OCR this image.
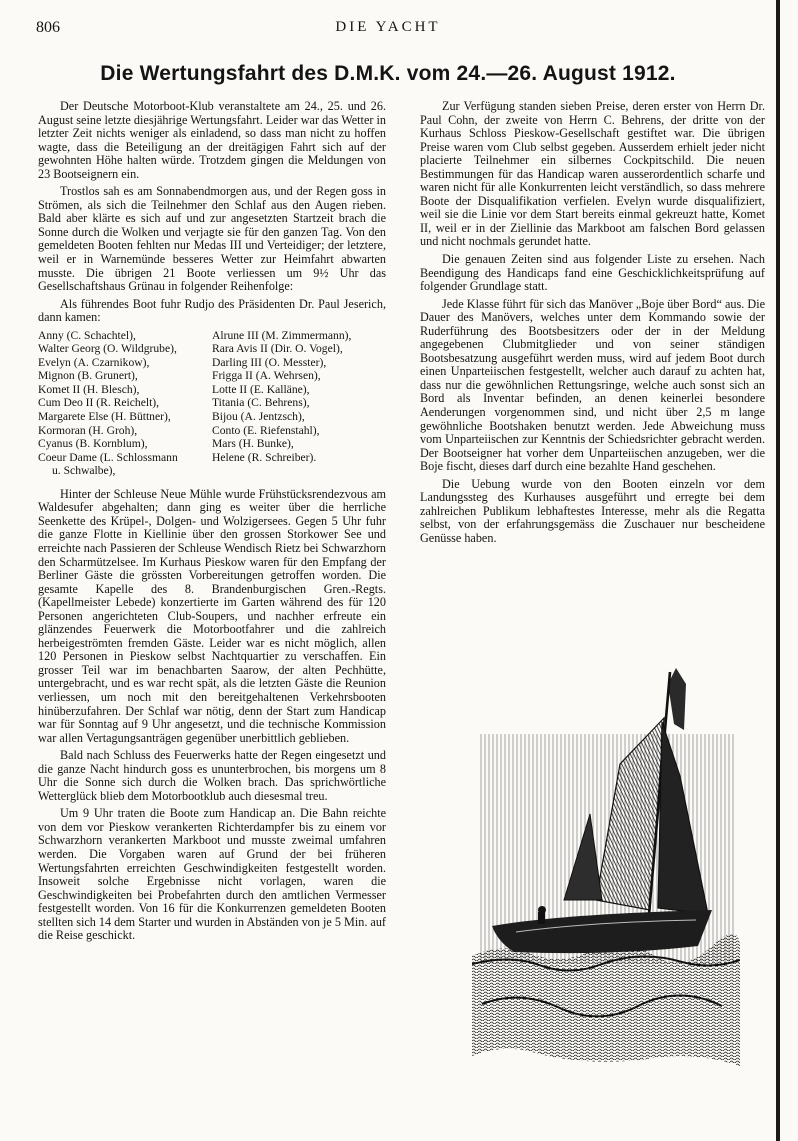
806	DIE YACHT
Die Wertungsfahrt des D.M.K. vom 24.—26. August 1912.

Der Deutsche Motorboot-Klub veranstaltete am 24., 25. und 26. August seine letzte diesjährige Wertungsfahrt. Leider war das Wetter in letzter Zeit nichts weniger als einladend, so dass man nicht zu hoffen wagte, dass die Beteiligung an der dreitägigen Fahrt sich auf der gewohnten Höhe halten würde. Trotzdem gingen die Meldungen von 23 Bootseignern ein.

Trostlos sah es am Sonnabendmorgen aus, und der Regen goss in Strömen, als sich die Teilnehmer den Schlaf aus den Augen rieben. Bald aber klärte es sich auf und zur angesetzten Startzeit brach die Sonne durch die Wolken und verjagte sie für den ganzen Tag. Von den gemeldeten Booten fehlten nur Medas III und Verteidiger; der letztere, weil er in Warnemünde besseres Wetter zur Heimfahrt abwarten musste. Die übrigen 21 Boote verliessen um 9½ Uhr das Gesellschaftshaus Grünau in folgender Reihenfolge:

Als führendes Boot fuhr Rudjo des Präsidenten Dr. Paul Jeserich, dann kamen:

Anny (C. Schachtel),	Alrune III (M. Zimmermann),
Walter Georg (O. Wildgrube),	Rara Avis II (Dir. O. Vogel),
Evelyn (A. Czarnikow),	Darling III (O. Messter),
Mignon (B. Grunert),	Frigga II (A. Wehrsen),
Komet II (H. Blesch),	Lotte II (E. Kalläne),
Cum Deo II (R. Reichelt),	Titania (C. Behrens),
Margarete Else (H. Büttner),	Bijou (A. Jentzsch),
Kormoran (H. Groh),	Conto (E. Riefenstahl),
Cyanus (B. Kornblum),	Mars (H. Bunke),
Coeur Dame (L. Schlossmann	Helene (R. Schreiber).
u. Schwalbe),

Hinter der Schleuse Neue Mühle wurde Frühstücksrendezvous am Waldesufer abgehalten; dann ging es weiter über die herrliche Seenkette des Krüpel-, Dolgen- und Wolzigersees. Gegen 5 Uhr fuhr die ganze Flotte in Kiellinie über den grossen Storkower See und erreichte nach Passieren der Schleuse Wendisch Rietz bei Schwarzhorn den Scharmützelsee. Im Kurhaus Pieskow waren für den Empfang der Berliner Gäste die grössten Vorbereitungen getroffen worden. Die gesamte Kapelle des 8. Brandenburgischen Gren.-Regts. (Kapellmeister Lebede) konzertierte im Garten während des für 120 Personen angerichteten Club-Soupers, und nachher erfreute ein glänzendes Feuerwerk die Motorbootfahrer und die zahlreich herbeigeströmten fremden Gäste. Leider war es nicht möglich, allen 120 Personen in Pieskow selbst Nachtquartier zu verschaffen. Ein grosser Teil war im benachbarten Saarow, der alten Pechhütte, untergebracht, und es war recht spät, als die letzten Gäste die Reunion verliessen, um noch mit den bereitgehaltenen Verkehrsbooten hinüberzufahren. Der Schlaf war nötig, denn der Start zum Handicap war für Sonntag auf 9 Uhr angesetzt, und die technische Kommission war allen Vertagungsanträgen gegenüber unerbittlich geblieben.

Bald nach Schluss des Feuerwerks hatte der Regen eingesetzt und die ganze Nacht hindurch goss es ununterbrochen, bis morgens um 8 Uhr die Sonne sich durch die Wolken brach. Das sprichwörtliche Wetterglück blieb dem Motorbootklub auch diesesmal treu.

Um 9 Uhr traten die Boote zum Handicap an. Die Bahn reichte von dem vor Pieskow verankerten Richterdampfer bis zu einem vor Schwarzhorn verankerten Markboot und musste zweimal umfahren werden. Die Vorgaben waren auf Grund der bei früheren Wertungsfahrten erreichten Geschwindigkeiten festgestellt worden. Insoweit solche Ergebnisse nicht vorlagen, waren die Geschwindigkeiten bei Probefahrten durch den amtlichen Vermesser festgestellt worden. Von 16 für die Konkurrenzen gemeldeten Booten stellten sich 14 dem Starter und wurden in Abständen von je 5 Min. auf die Reise geschickt.

Zur Verfügung standen sieben Preise, deren erster von Herrn Dr. Paul Cohn, der zweite von Herrn C. Behrens, der dritte von der Kurhaus Schloss Pieskow-Gesellschaft gestiftet war. Die übrigen Preise waren vom Club selbst gegeben. Ausserdem erhielt jeder nicht placierte Teilnehmer ein silbernes Cockpitschild. Die neuen Bestimmungen für das Handicap waren ausserordentlich scharfe und waren nicht für alle Konkurrenten leicht verständlich, so dass mehrere Boote der Disqualifikation verfielen. Evelyn wurde disqualifiziert, weil sie die Linie vor dem Start bereits einmal gekreuzt hatte, Komet II, weil er in der Ziellinie das Markboot am falschen Bord gelassen und nicht nochmals gerundet hatte.

Die genauen Zeiten sind aus folgender Liste zu ersehen. Nach Beendigung des Handicaps fand eine Geschicklichkeitsprüfung auf folgender Grundlage statt.

Jede Klasse führt für sich das Manöver „Boje über Bord“ aus. Die Dauer des Manövers, welches unter dem Kommando sowie der Ruderführung des Bootsbesitzers oder der in der Meldung angegebenen Clubmitglieder und von seiner ständigen Bootsbesatzung ausgeführt werden muss, wird auf jedem Boot durch einen Unparteiischen festgestellt, welcher auch darauf zu achten hat, dass nur die gewöhnlichen Rettungsringe, welche auch sonst sich an Bord als Inventar befinden, an denen keinerlei besondere Aenderungen vorgenommen sind, und nicht über 2,5 m lange gewöhnliche Bootshaken benutzt werden. Jede Abweichung muss vom Unparteiischen zur Kenntnis der Schiedsrichter gebracht werden. Der Bootseigner hat vorher dem Unparteiischen anzugeben, wer die Boje fischt, dieses darf durch eine bezahlte Hand geschehen.

Die Uebung wurde von den Booten einzeln vor dem Landungssteg des Kurhauses ausgeführt und erregte bei dem zahlreichen Publikum lebhaftestes Interesse, mehr als die Regatta selbst, von der erfahrungsgemäss die Zuschauer nur bescheidene Genüsse haben.
